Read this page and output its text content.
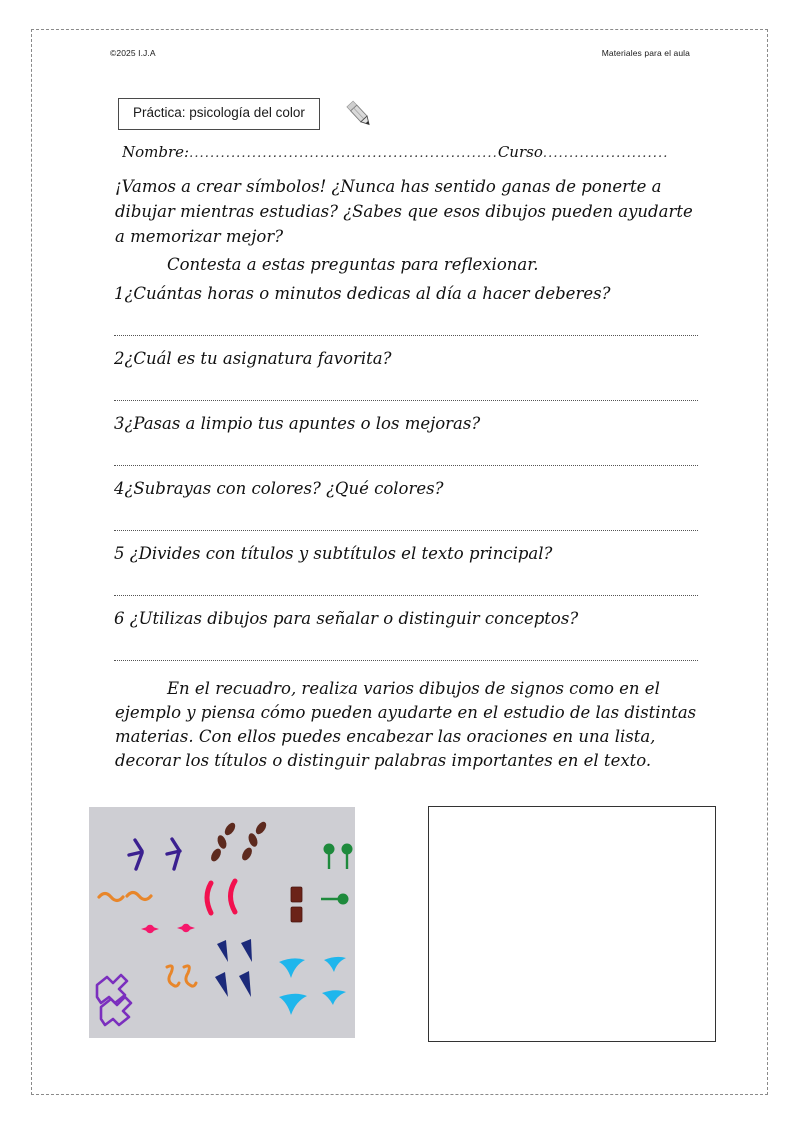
©2025 I.J.A	Materiales para el aula
Práctica: psicología del color
Nombre:...........................................................Curso........................
¡Vamos a crear símbolos! ¿Nunca has sentido ganas de ponerte a dibujar mientras estudias? ¿Sabes que esos dibujos pueden ayudarte a memorizar mejor?
Contesta a estas preguntas para reflexionar.
1¿Cuántas horas o minutos dedicas al día a hacer deberes?
2¿Cuál es tu asignatura favorita?
3¿Pasas a limpio tus apuntes o los mejoras?
4¿Subrayas con colores? ¿Qué colores?
5 ¿Divides con títulos y subtítulos el texto principal?
6 ¿Utilizas dibujos para señalar o distinguir conceptos?
En el recuadro, realiza varios dibujos de signos como en el ejemplo y piensa cómo pueden ayudarte en el estudio de las distintas materias. Con ellos puedes encabezar las oraciones en una lista, decorar los títulos o distinguir palabras importantes en el texto.
